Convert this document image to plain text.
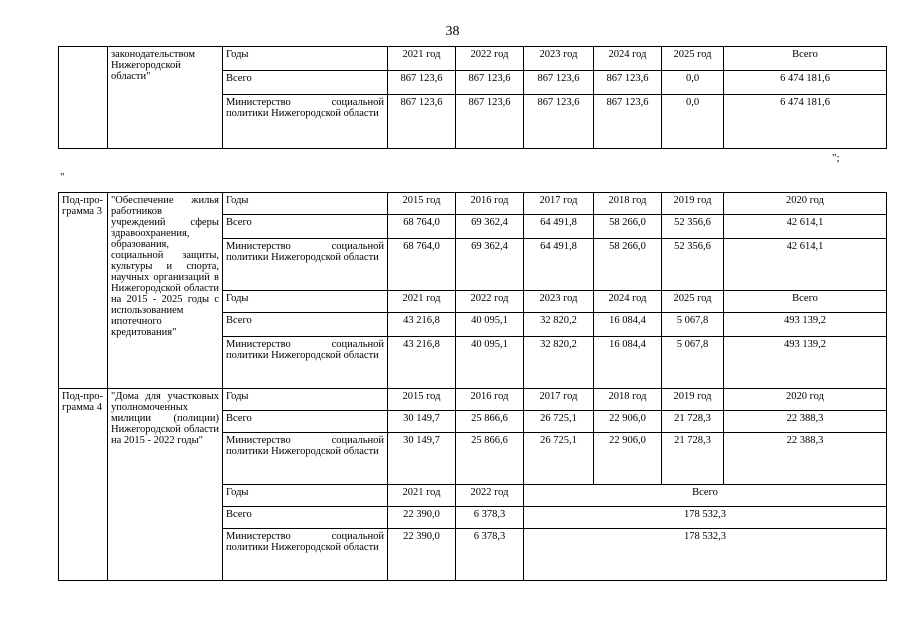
38
	законодательством Нижегородской области"	Годы	2021 год	2022 год	2023 год	2024 год	2025 год	Всего
		Всего	867 123,6	867 123,6	867 123,6	867 123,6	0,0	6 474 181,6
		Министерство социальной политики Нижегородской области	867 123,6	867 123,6	867 123,6	867 123,6	0,0	6 474 181,6
";
"
Под-про-грамма 3	"Обеспечение жилья работников учреждений сферы здравоохранения, образования, социальной защиты, культуры и спорта, научных организаций в Нижегородской области на 2015 - 2025 годы с использованием ипотечного кредитования"	Годы	2015 год	2016 год	2017 год	2018 год	2019 год	2020 год
		Всего	68 764,0	69 362,4	64 491,8	58 266,0	52 356,6	42 614,1
		Министерство социальной политики Нижегородской области	68 764,0	69 362,4	64 491,8	58 266,0	52 356,6	42 614,1
		Годы	2021 год	2022 год	2023 год	2024 год	2025 год	Всего
		Всего	43 216,8	40 095,1	32 820,2	16 084,4	5 067,8	493 139,2
		Министерство социальной политики Нижегородской области	43 216,8	40 095,1	32 820,2	16 084,4	5 067,8	493 139,2
Под-про-грамма 4	"Дома для участковых уполномоченных милиции (полиции) Нижегородской области на 2015 - 2022 годы"	Годы	2015 год	2016 год	2017 год	2018 год	2019 год	2020 год
		Всего	30 149,7	25 866,6	26 725,1	22 906,0	21 728,3	22 388,3
		Министерство социальной политики Нижегородской области	30 149,7	25 866,6	26 725,1	22 906,0	21 728,3	22 388,3
		Годы	2021 год	2022 год	Всего			
		Всего	22 390,0	6 378,3	178 532,3			
		Министерство социальной политики Нижегородской области	22 390,0	6 378,3	178 532,3			
